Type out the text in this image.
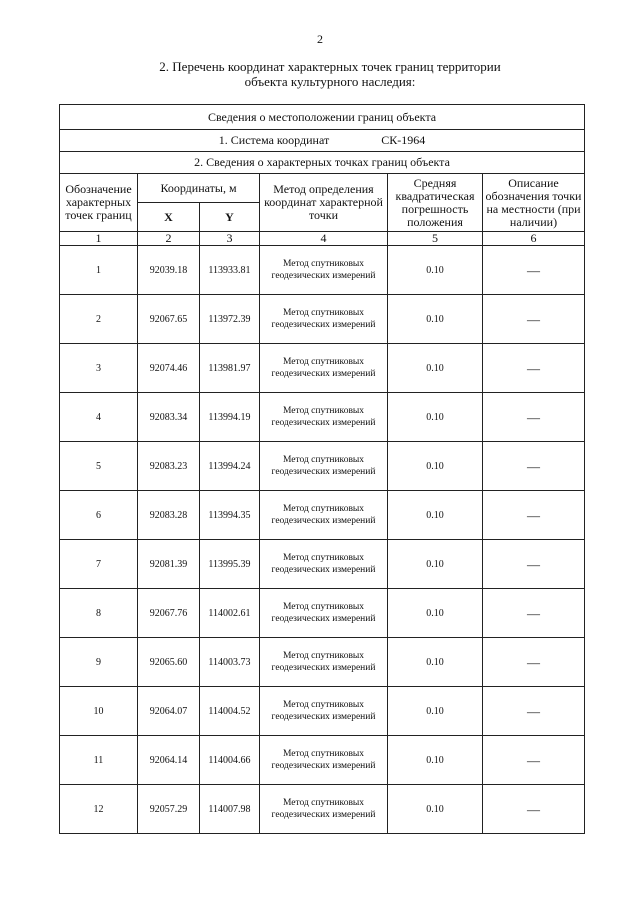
2
2. Перечень координат характерных точек границ территории
объекта культурного наследия:
Сведения о местоположении границ объекта					
1. Система координат СК-1964					
2. Сведения о характерных точках границ объекта					
Обозначение характерных точек границ	Координаты, м		Метод определения координат характерной точки	Средняя квадратическая погрешность положения	Описание обозначения точки на местности (при наличии)
	X	Y			
1	2	3	4	5	6
1	92039.18	113933.81	Метод спутниковых геодезических измерений	0.10	—
2	92067.65	113972.39	Метод спутниковых геодезических измерений	0.10	—
3	92074.46	113981.97	Метод спутниковых геодезических измерений	0.10	—
4	92083.34	113994.19	Метод спутниковых геодезических измерений	0.10	—
5	92083.23	113994.24	Метод спутниковых геодезических измерений	0.10	—
6	92083.28	113994.35	Метод спутниковых геодезических измерений	0.10	—
7	92081.39	113995.39	Метод спутниковых геодезических измерений	0.10	—
8	92067.76	114002.61	Метод спутниковых геодезических измерений	0.10	—
9	92065.60	114003.73	Метод спутниковых геодезических измерений	0.10	—
10	92064.07	114004.52	Метод спутниковых геодезических измерений	0.10	—
11	92064.14	114004.66	Метод спутниковых геодезических измерений	0.10	—
12	92057.29	114007.98	Метод спутниковых геодезических измерений	0.10	—
